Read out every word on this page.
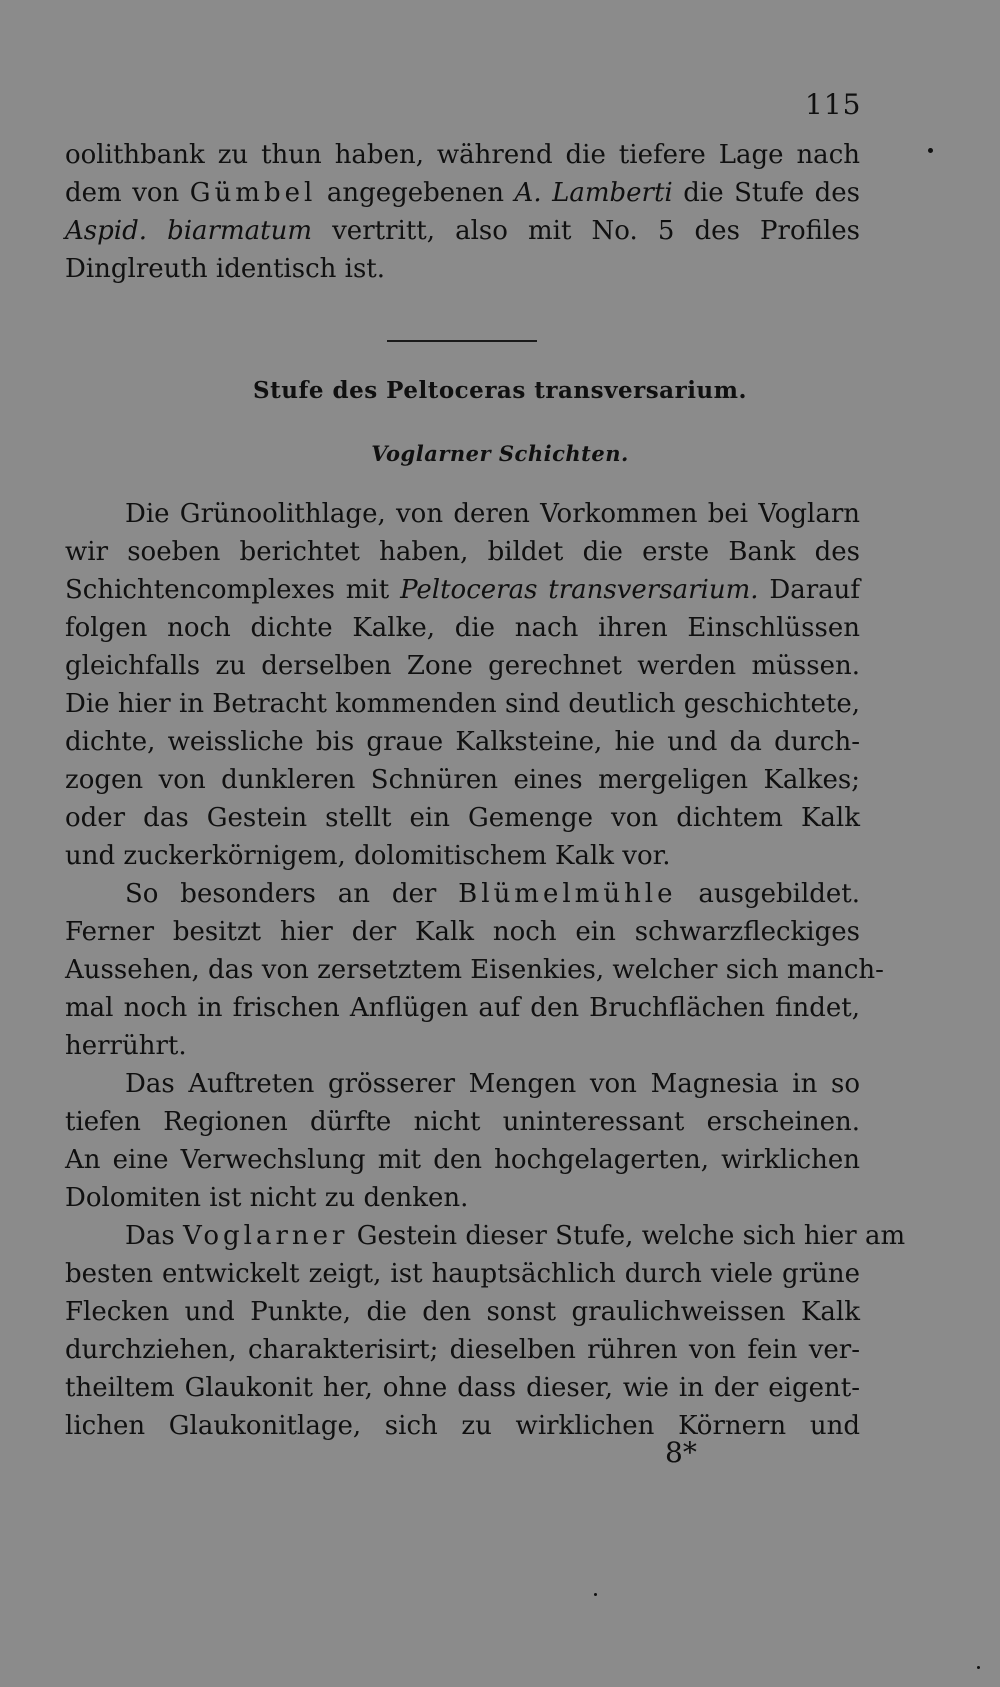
115
oolithbank zu thun haben, während die tiefere Lage nach
dem von Gümbel angegebenen A. Lamberti die Stufe des
Aspid. biarmatum vertritt, also mit No. 5 des Profiles
Dinglreuth identisch ist.
Stufe des Peltoceras transversarium.
Voglarner Schichten.
Die Grünoolithlage, von deren Vorkommen bei Voglarn
wir soeben berichtet haben, bildet die erste Bank des
Schichtencomplexes mit Peltoceras transversarium. Darauf
folgen noch dichte Kalke, die nach ihren Einschlüssen
gleichfalls zu derselben Zone gerechnet werden müssen.
Die hier in Betracht kommenden sind deutlich geschichtete,
dichte, weissliche bis graue Kalksteine, hie und da durch-
zogen von dunkleren Schnüren eines mergeligen Kalkes;
oder das Gestein stellt ein Gemenge von dichtem Kalk
und zuckerkörnigem, dolomitischem Kalk vor.
So besonders an der Blümelmühle ausgebildet.
Ferner besitzt hier der Kalk noch ein schwarzfleckiges
Aussehen, das von zersetztem Eisenkies, welcher sich manch-
mal noch in frischen Anflügen auf den Bruchflächen findet,
herrührt.
Das Auftreten grösserer Mengen von Magnesia in so
tiefen Regionen dürfte nicht uninteressant erscheinen.
An eine Verwechslung mit den hochgelagerten, wirklichen
Dolomiten ist nicht zu denken.
Das Voglarner Gestein dieser Stufe, welche sich hier am
besten entwickelt zeigt, ist hauptsächlich durch viele grüne
Flecken und Punkte, die den sonst graulichweissen Kalk
durchziehen, charakterisirt; dieselben rühren von fein ver-
theiltem Glaukonit her, ohne dass dieser, wie in der eigent-
lichen Glaukonitlage, sich zu wirklichen Körnern und
8*
